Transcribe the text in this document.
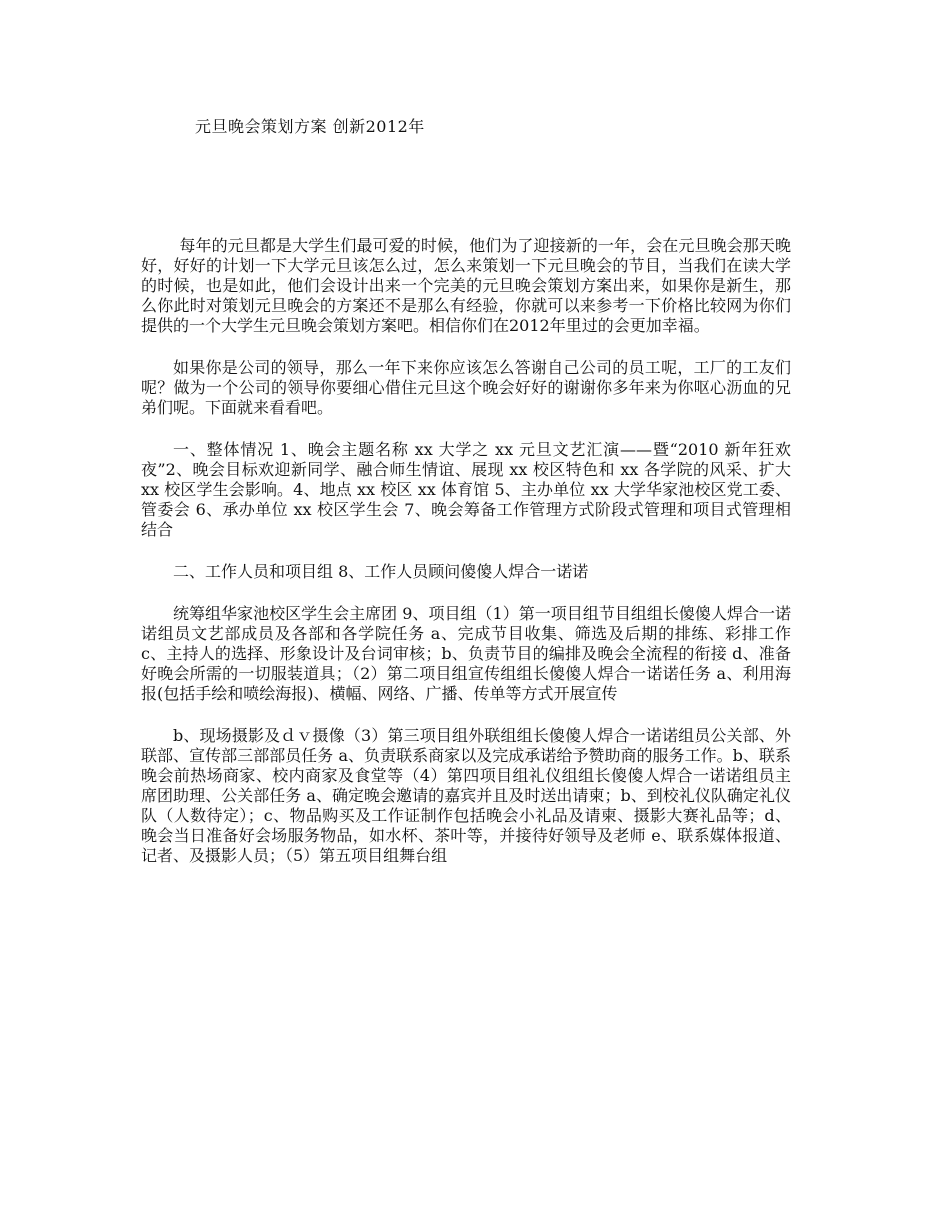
元旦晚会策划方案 创新2012年

每年的元旦都是大学生们最可爱的时候，他们为了迎接新的一年，会在元旦晚会那天晚好，好好的计划一下大学元旦该怎么过，怎么来策划一下元旦晚会的节目，当我们在读大学的时候，也是如此，他们会设计出来一个完美的元旦晚会策划方案出来，如果你是新生，那么你此时对策划元旦晚会的方案还不是那么有经验，你就可以来参考一下价格比较网为你们提供的一个大学生元旦晚会策划方案吧。相信你们在2012年里过的会更加幸福。

如果你是公司的领导，那么一年下来你应该怎么答谢自己公司的员工呢，工厂的工友们呢？做为一个公司的领导你要细心借住元旦这个晚会好好的谢谢你多年来为你呕心沥血的兄弟们呢。下面就来看看吧。

一、整体情况 1、晚会主题名称 xx 大学之 xx 元旦文艺汇演——暨“2010 新年狂欢夜”2、晚会目标欢迎新同学、融合师生情谊、展现 xx 校区特色和 xx 各学院的风采、扩大 xx 校区学生会影响。4、地点 xx 校区 xx 体育馆 5、主办单位 xx 大学华家池校区党工委、管委会 6、承办单位 xx 校区学生会 7、晚会筹备工作管理方式阶段式管理和项目式管理相结合

二、工作人员和项目组 8、工作人员顾问傻傻人焊合一诺诺

统筹组华家池校区学生会主席团 9、项目组（1）第一项目组节目组组长傻傻人焊合一诺诺组员文艺部成员及各部和各学院任务 a、完成节目收集、筛选及后期的排练、彩排工作 c、主持人的选择、形象设计及台词审核；b、负责节目的编排及晚会全流程的衔接 d、准备好晚会所需的一切服装道具；（2）第二项目组宣传组组长傻傻人焊合一诺诺任务 a、利用海报(包括手绘和喷绘海报)、横幅、网络、广播、传单等方式开展宣传

b、现场摄影及ｄｖ摄像（3）第三项目组外联组组长傻傻人焊合一诺诺组员公关部、外联部、宣传部三部部员任务 a、负责联系商家以及完成承诺给予赞助商的服务工作。b、联系晚会前热场商家、校内商家及食堂等（4）第四项目组礼仪组组长傻傻人焊合一诺诺组员主席团助理、公关部任务 a、确定晚会邀请的嘉宾并且及时送出请柬；b、到校礼仪队确定礼仪队（人数待定）；c、物品购买及工作证制作包括晚会小礼品及请柬、摄影大赛礼品等；d、晚会当日准备好会场服务物品，如水杯、茶叶等，并接待好领导及老师 e、联系媒体报道、记者、及摄影人员；（5）第五项目组舞台组
